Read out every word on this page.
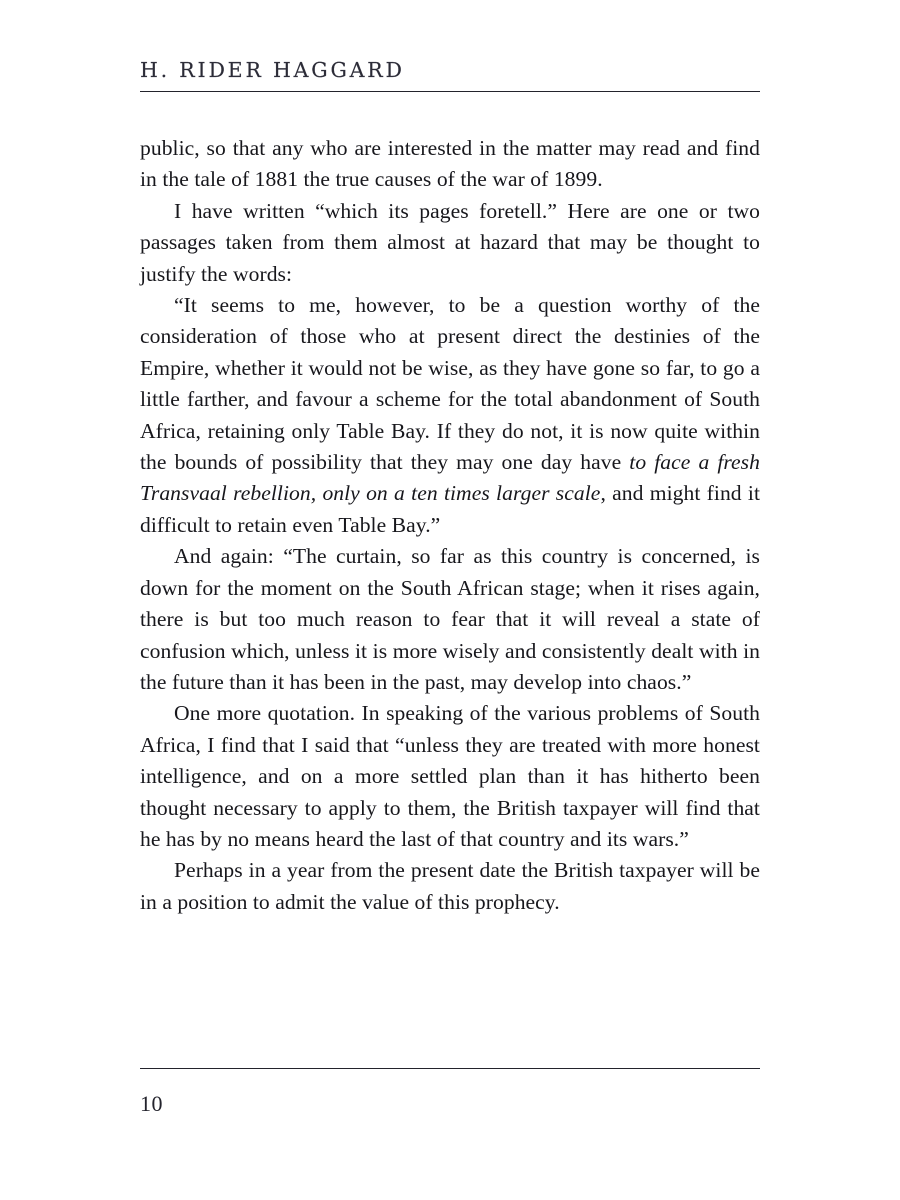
H. RIDER HAGGARD

public, so that any who are interested in the matter may read and find in the tale of 1881 the true causes of the war of 1899.

I have written “which its pages foretell.” Here are one or two passages taken from them almost at hazard that may be thought to justify the words:

“It seems to me, however, to be a question worthy of the consideration of those who at present direct the destinies of the Empire, whether it would not be wise, as they have gone so far, to go a little farther, and favour a scheme for the total abandonment of South Africa, retaining only Table Bay. If they do not, it is now quite within the bounds of possibility that they may one day have to face a fresh Transvaal rebellion, only on a ten times larger scale, and might find it difficult to retain even Table Bay.”

And again: “The curtain, so far as this country is concerned, is down for the moment on the South African stage; when it rises again, there is but too much reason to fear that it will reveal a state of confusion which, unless it is more wisely and consistently dealt with in the future than it has been in the past, may develop into chaos.”

One more quotation. In speaking of the various problems of South Africa, I find that I said that “unless they are treated with more honest intelligence, and on a more settled plan than it has hitherto been thought necessary to apply to them, the British taxpayer will find that he has by no means heard the last of that country and its wars.”

Perhaps in a year from the present date the British taxpayer will be in a position to admit the value of this prophecy.

10
